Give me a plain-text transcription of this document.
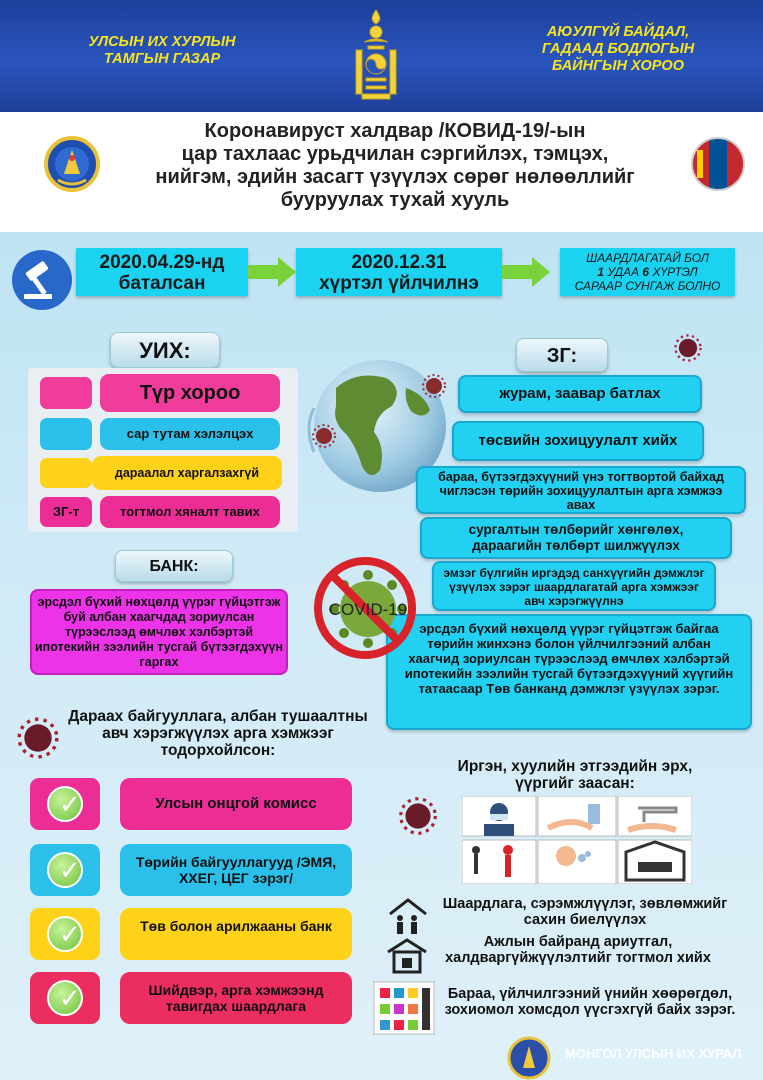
УЛСЫН ИХ ХУРЛЫН
ТАМГЫН ГАЗАР
АЮУЛГҮЙ БАЙДАЛ,
ГАДААД БОДЛОГЫН
БАЙНГЫН ХОРОО
Коронавируст халдвар /КОВИД-19/-ын
цар тахлаас урьдчилан сэргийлэх, тэмцэх,
нийгэм, эдийн засагт үзүүлэх сөрөг нөлөөллийг
бууруулах тухай хууль
2020.04.29-нд
баталсан
2020.12.31
хүртэл үйлчилнэ
ШААРДЛАГАТАЙ БОЛ
1 УДАА 6 ХҮРТЭЛ
САРААР СУНГАЖ БОЛНО
УИХ:
Түр хороо
сар тутам хэлэлцэх
дараалал харгалзахгүй
ЗГ-т	тогтмол хяналт тавих
ЗГ:
журам, заавар батлах
төсвийн зохицуулалт хийх
бараа, бүтээгдэхүүний үнэ тогтвортой байхад чиглэсэн төрийн зохицуулалтын арга хэмжээ авах
сургалтын төлбөрийг хөнгөлөх, дараагийн төлбөрт шилжүүлэх
эмзэг бүлгийн иргэдэд санхүүгийн дэмжлэг үзүүлэх зэрэг шаардлагатай арга хэмжээг авч хэрэгжүүлнэ
эрсдэл бүхий нөхцөлд үүрэг гүйцэтгэж байгаа төрийн жинхэнэ болон үйлчилгээний албан хаагчид зориулсан түрээслээд өмчлөх хэлбэртэй ипотекийн зээлийн тусгай бүтээгдэхүүний хүүгийн татаасаар Төв банканд дэмжлэг үзүүлэх зэрэг.
БАНК:
эрсдэл бүхий нөхцөлд үүрэг гүйцэтгэж буй албан хаагчдад зориулсан түрээслээд өмчлөх хэлбэртэй ипотекийн зээлийн тусгай бүтээгдэхүүн гаргах
COVID-19
Дараах байгууллага, албан тушаалтны авч хэрэгжүүлэх арга хэмжээг тодорхойлсон:
✓	Улсын онцгой комисс
✓	Төрийн байгууллагууд /ЭМЯ, ХХЕГ, ЦЕГ зэрэг/
✓	Төв болон арилжааны банк
✓	Шийдвэр, арга хэмжээнд тавигдах шаардлага
Иргэн, хуулийн этгээдийн эрх, үүргийг заасан:
Шаардлага, сэрэмжлүүлэг, зөвлөмжийг сахин биелүүлэх
Ажлын байранд ариутгал, халдваргүйжүүлэлтийг тогтмол хийх
Бараа, үйлчилгээний үнийн хөөрөгдөл, зохиомол хомсдол үүсгэхгүй байх зэрэг.
МОНГОЛ УЛСЫН ИХ ХУРАЛ
